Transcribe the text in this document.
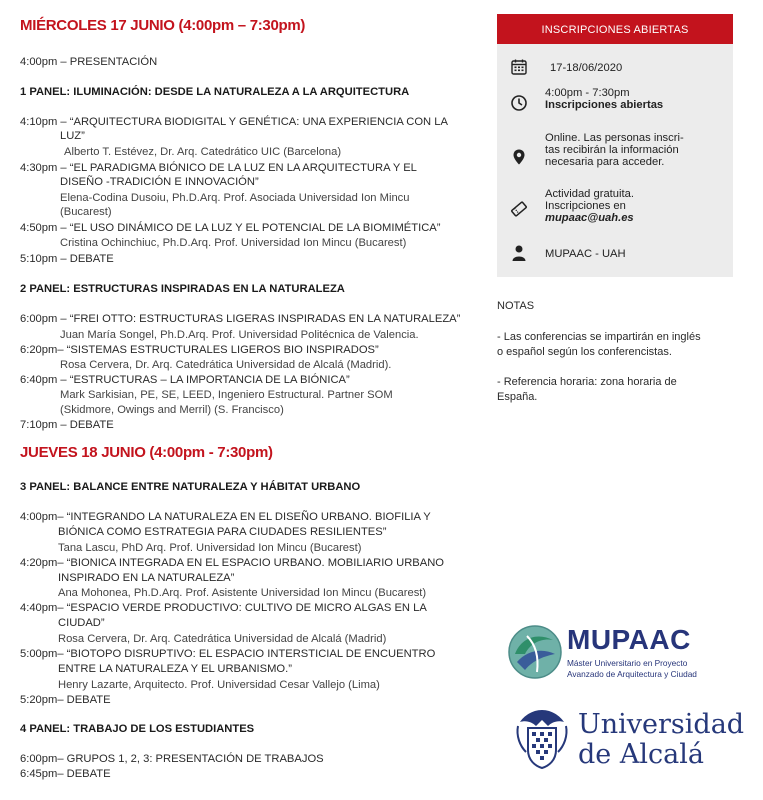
MIÉRCOLES 17 JUNIO (4:00pm – 7:30pm)
4:00pm – PRESENTACIÓN
1 PANEL: ILUMINACIÓN: DESDE LA NATURALEZA A LA ARQUITECTURA
4:10pm – “ARQUITECTURA BIODIGITAL Y GENÉTICA: UNA EXPERIENCIA CON LA
LUZ”
Alberto T. Estévez, Dr. Arq. Catedrático UIC (Barcelona)
4:30pm – “EL PARADIGMA BIÓNICO DE LA LUZ EN LA ARQUITECTURA Y EL
DISEÑO -TRADICIÓN E INNOVACIÓN”
Elena-Codina Dusoiu, Ph.D.Arq. Prof. Asociada Universidad Ion Mincu
(Bucarest)
4:50pm – “EL USO DINÁMICO DE LA LUZ Y EL POTENCIAL DE LA BIOMIMÉTICA”
Cristina Ochinchiuc, Ph.D.Arq. Prof. Universidad Ion Mincu (Bucarest)
5:10pm – DEBATE
2 PANEL: ESTRUCTURAS INSPIRADAS EN LA NATURALEZA
6:00pm – “FREI OTTO: ESTRUCTURAS LIGERAS INSPIRADAS EN LA NATURALEZA”
Juan María Songel, Ph.D.Arq. Prof. Universidad Politécnica de Valencia.
6:20pm– “SISTEMAS ESTRUCTURALES LIGEROS BIO INSPIRADOS”
Rosa Cervera, Dr. Arq. Catedrática Universidad de Alcalá (Madrid).
6:40pm – “ESTRUCTURAS – LA IMPORTANCIA DE LA BIÓNICA”
Mark Sarkisian, PE, SE, LEED, Ingeniero Estructural. Partner SOM
(Skidmore, Owings and Merril) (S. Francisco)
7:10pm – DEBATE
JUEVES 18 JUNIO (4:00pm - 7:30pm)
3 PANEL: BALANCE ENTRE NATURALEZA Y HÁBITAT URBANO
4:00pm– “INTEGRANDO LA NATURALEZA EN EL DISEÑO URBANO. BIOFILIA Y
BIÓNICA COMO ESTRATEGIA PARA CIUDADES RESILIENTES”
Tana Lascu, PhD Arq. Prof. Universidad Ion Mincu (Bucarest)
4:20pm– “BIONICA INTEGRADA EN EL ESPACIO URBANO. MOBILIARIO URBANO
INSPIRADO EN LA NATURALEZA”
Ana Mohonea, Ph.D.Arq. Prof. Asistente Universidad Ion Mincu (Bucarest)
4:40pm– “ESPACIO VERDE PRODUCTIVO: CULTIVO DE MICRO ALGAS EN LA
CIUDAD”
Rosa Cervera, Dr. Arq. Catedrática Universidad de Alcalá (Madrid)
5:00pm– “BIOTOPO DISRUPTIVO: EL ESPACIO INTERSTICIAL DE ENCUENTRO
ENTRE LA NATURALEZA Y EL URBANISMO.”
Henry Lazarte, Arquitecto. Prof. Universidad Cesar Vallejo (Lima)
5:20pm– DEBATE
4 PANEL: TRABAJO DE LOS ESTUDIANTES
6:00pm– GRUPOS 1, 2, 3: PRESENTACIÓN DE TRABAJOS
6:45pm– DEBATE
INSCRIPCIONES ABIERTAS
17-18/06/2020
4:00pm - 7:30pm
Inscripciones abiertas
Online. Las personas inscri-
tas recibirán la información
necesaria para acceder.
Actividad gratuita.
Inscripciones en
mupaac@uah.es
MUPAAC - UAH
NOTAS
- Las conferencias se impartirán en inglés
o español según los conferencistas.
- Referencia horaria: zona horaria de
España.
MUPAAC
Máster Universitario en Proyecto
Avanzado de Arquitectura y Ciudad
Universidad
de Alcalá
